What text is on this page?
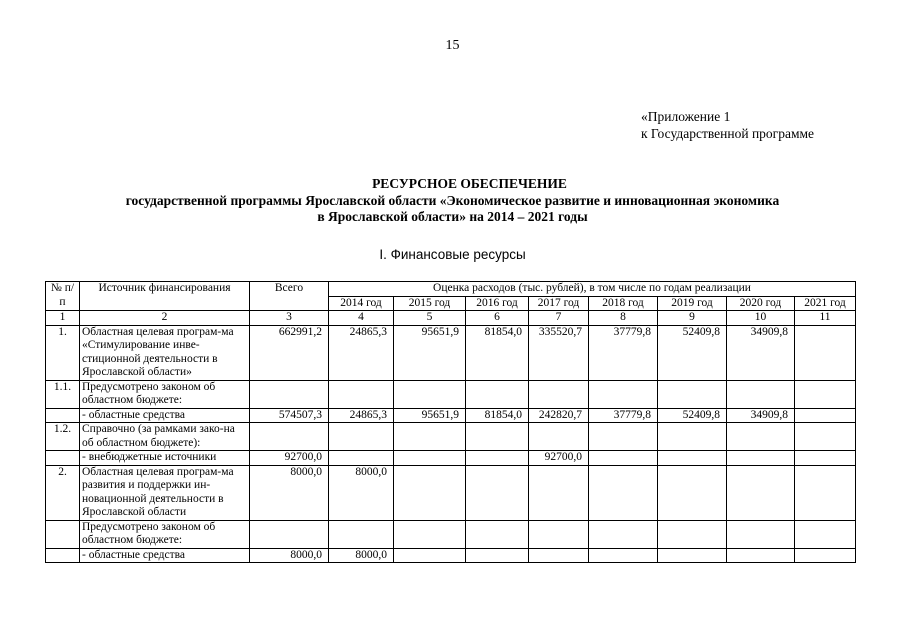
15
«Приложение 1
к Государственной программе
РЕСУРСНОЕ ОБЕСПЕЧЕНИЕ
государственной программы Ярославской области «Экономическое развитие и инновационная экономика
в Ярославской области» на 2014 – 2021 годы
I. Финансовые ресурсы
№ п/п	Источник финансирования	Всего	Оценка расходов (тыс. рублей), в том числе по годам реализации							
			2014 год	2015 год	2016 год	2017 год	2018 год	2019 год	2020 год	2021 год
1	2	3	4	5	6	7	8	9	10	11
1.	Областная целевая програм-ма «Стимулирование инве-стиционной деятельности в Ярославской области»	662991,2	24865,3	95651,9	81854,0	335520,7	37779,8	52409,8	34909,8	
1.1.	Предусмотрено законом об областном бюджете:									
	- областные средства	574507,3	24865,3	95651,9	81854,0	242820,7	37779,8	52409,8	34909,8	
1.2.	Справочно (за рамками зако-на об областном бюджете):									
	- внебюджетные источники	92700,0				92700,0				
2.	Областная целевая програм-ма развития и поддержки ин-новационной деятельности в Ярославской области	8000,0	8000,0							
	Предусмотрено законом об областном бюджете:									
	- областные средства	8000,0	8000,0							
